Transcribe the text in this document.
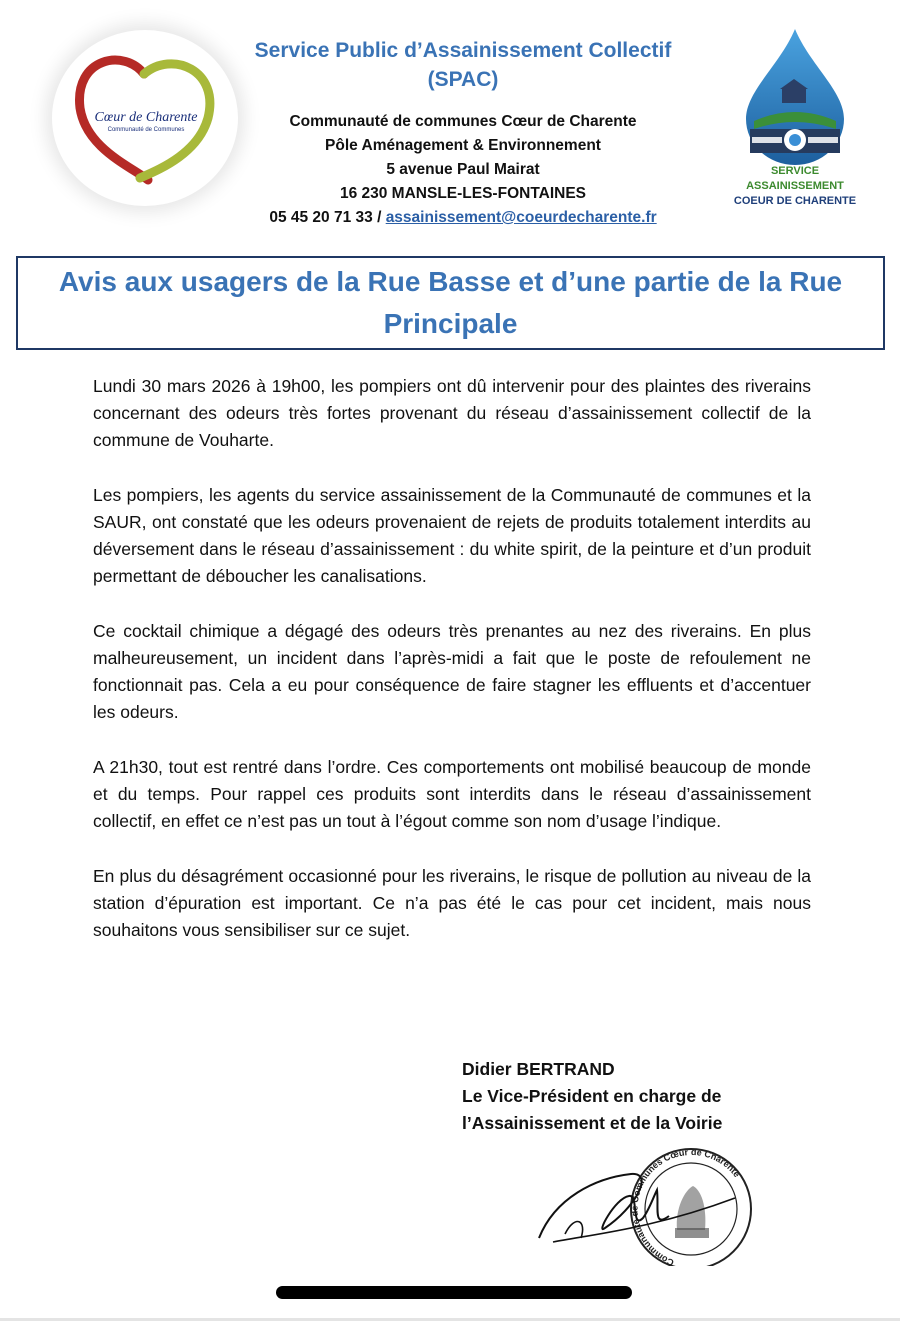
Cœur de Charente
Communauté de Communes
Service Public d’Assainissement Collectif
(SPAC)
Communauté de communes Cœur de Charente
Pôle Aménagement & Environnement
5 avenue Paul Mairat
16 230 MANSLE-LES-FONTAINES
05 45 20 71 33 / assainissement@coeurdecharente.fr
SERVICE
ASSAINISSEMENT
COEUR DE CHARENTE
Avis aux usagers de la Rue Basse et d’une partie de la Rue Principale

Lundi 30 mars 2026 à 19h00, les pompiers ont dû intervenir pour des plaintes des riverains concernant des odeurs très fortes provenant du réseau d’assainissement collectif de la commune de Vouharte.

Les pompiers, les agents du service assainissement de la Communauté de communes et la SAUR, ont constaté que les odeurs provenaient de rejets de produits totalement interdits au déversement dans le réseau d’assainissement : du white spirit, de la peinture et d’un produit permettant de déboucher les canalisations.

Ce cocktail chimique a dégagé des odeurs très prenantes au nez des riverains. En plus malheureusement, un incident dans l’après-midi a fait que le poste de refoulement ne fonctionnait pas. Cela a eu pour conséquence de faire stagner les effluents et d’accentuer les odeurs.

A 21h30, tout est rentré dans l’ordre. Ces comportements ont mobilisé beaucoup de monde et du temps. Pour rappel ces produits sont interdits dans le réseau d’assainissement collectif, en effet ce n’est pas un tout à l’égout comme son nom d’usage l’indique.

En plus du désagrément occasionné pour les riverains, le risque de pollution au niveau de la station d’épuration est important. Ce n’a pas été le cas pour cet incident, mais nous souhaitons vous sensibiliser sur ce sujet.

Didier BERTRAND
Le Vice-Président en charge de
l’Assainissement et de la Voirie
Communauté de Communes Cœur de Charente
